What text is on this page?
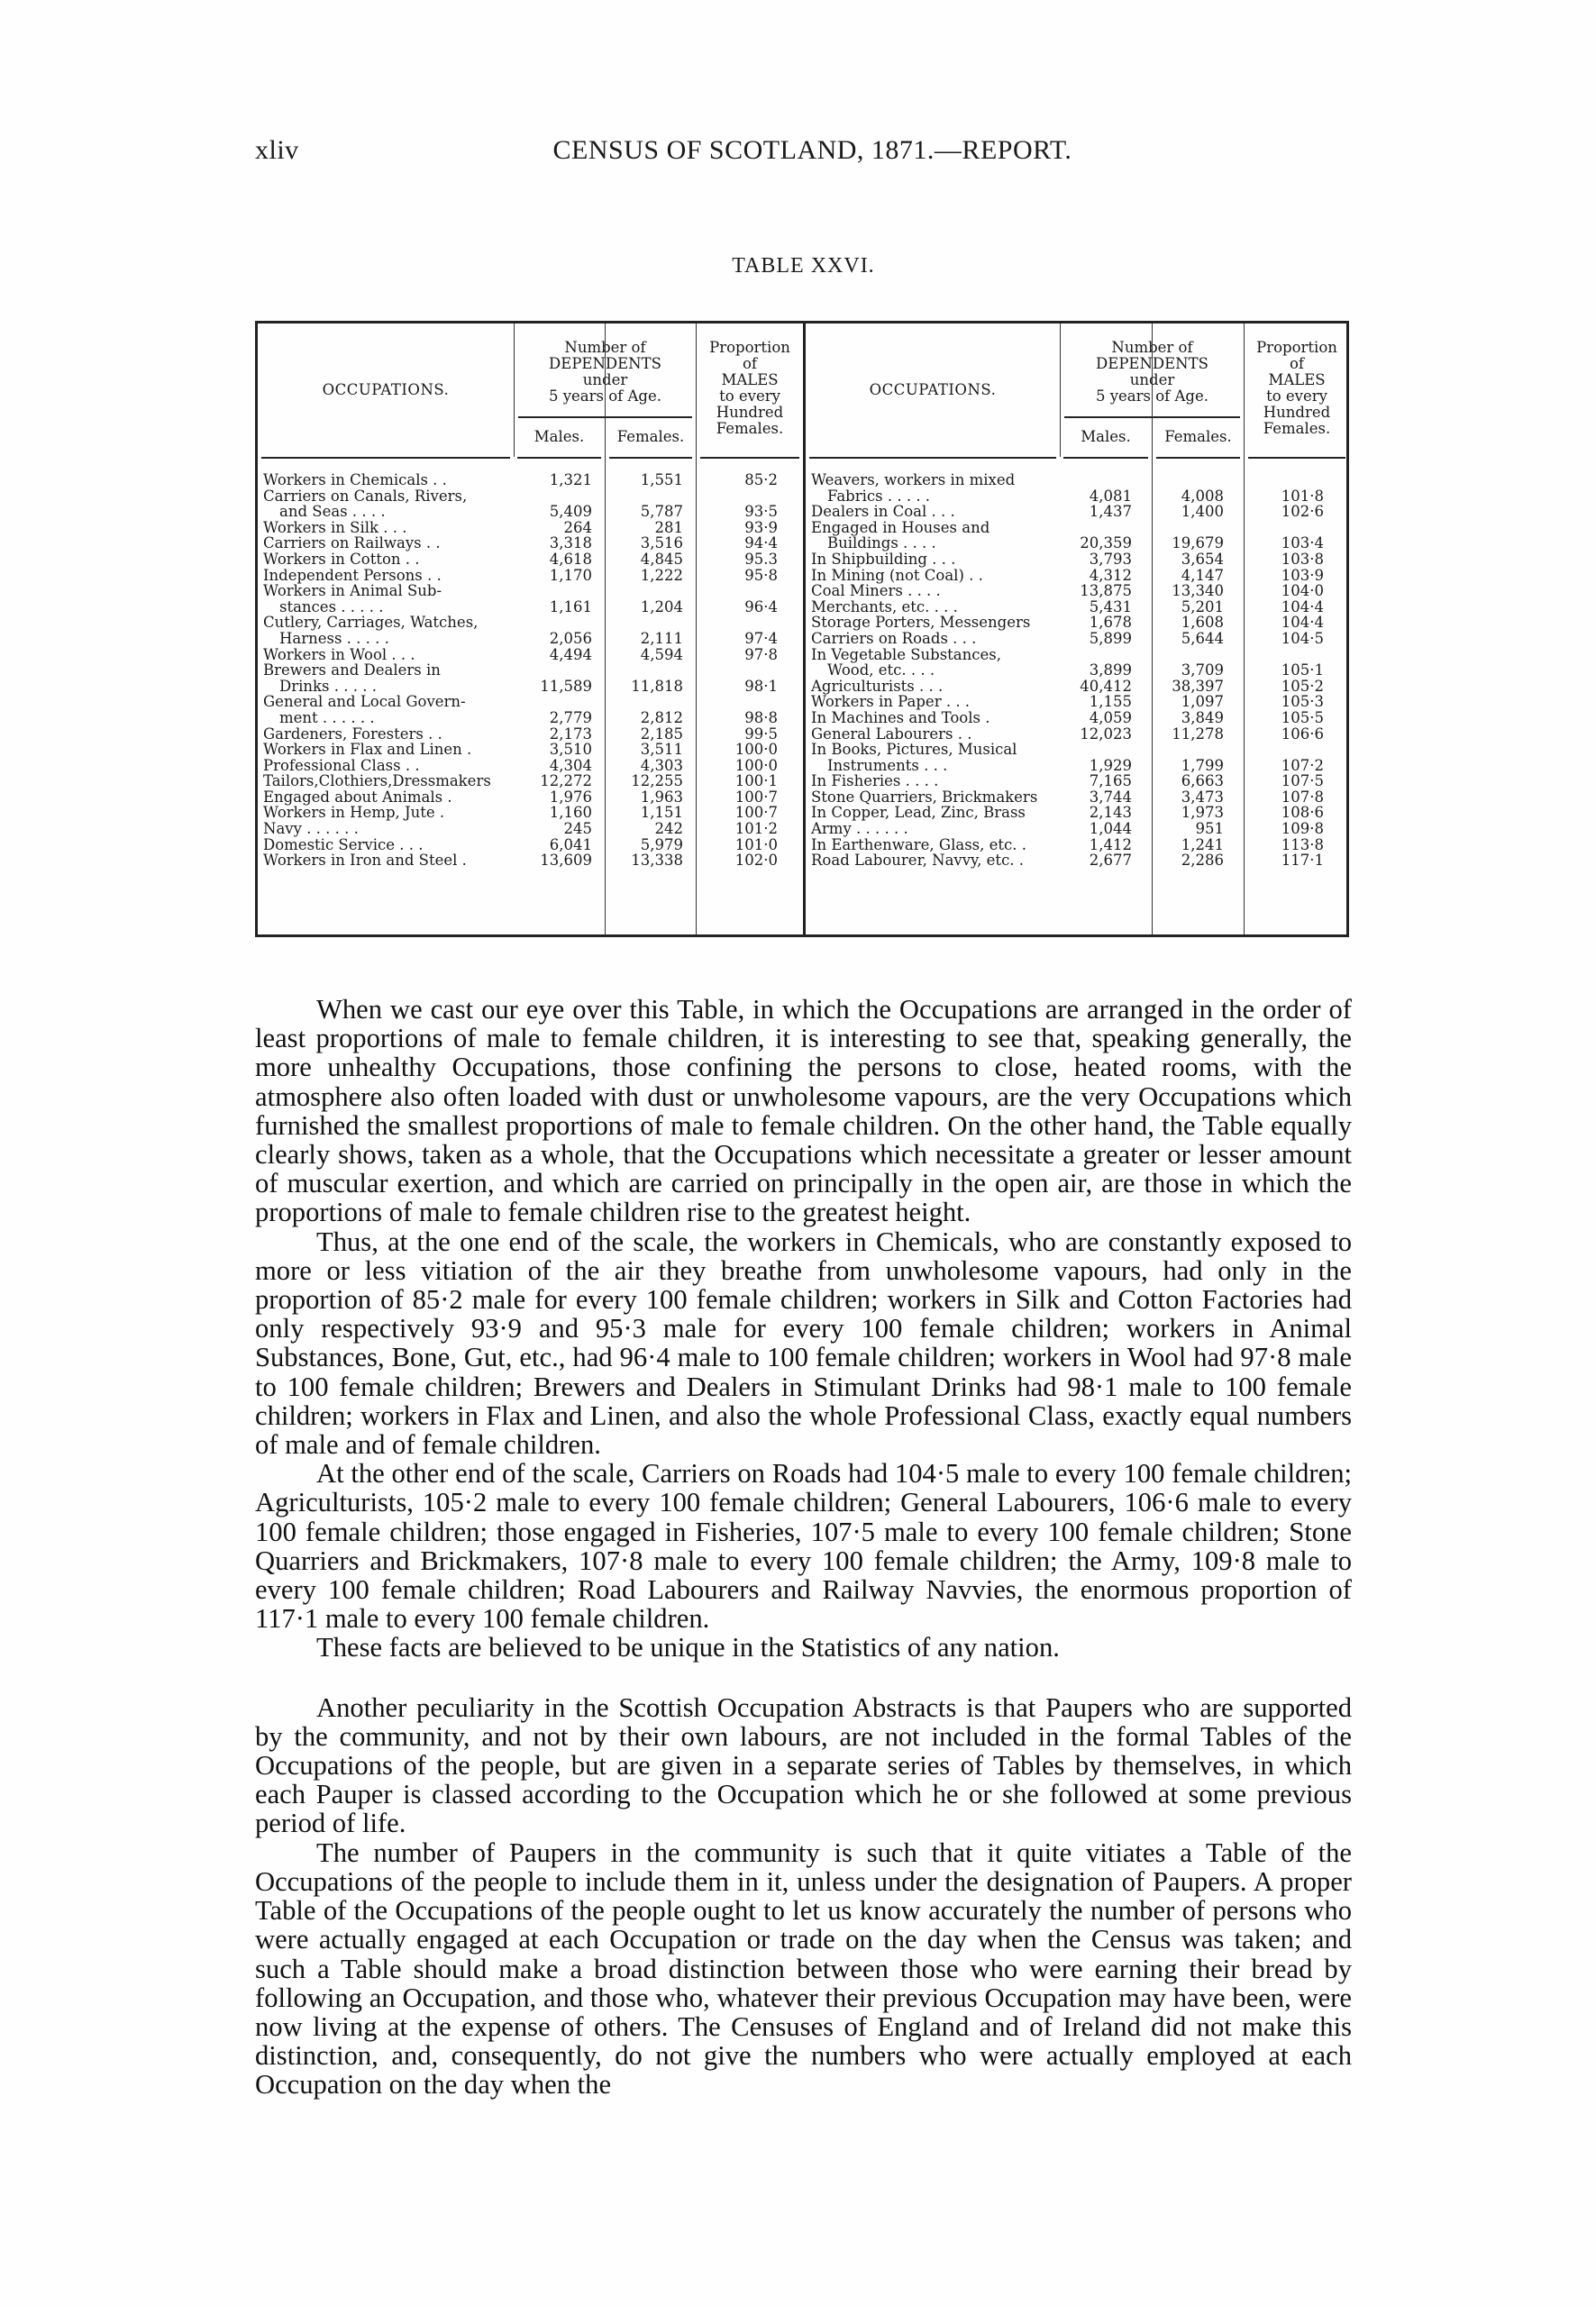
xliv	CENSUS OF SCOTLAND, 1871.—REPORT.
TABLE XXVI.
OCCUPATIONS.
Workers in Chemicals . .
Carriers on Canals, Rivers,
and Seas . . . .
Workers in Silk . . .
Carriers on Railways . .
Workers in Cotton . .
Independent Persons . .
Workers in Animal Sub-
stances . . . . .
Cutlery, Carriages, Watches,
Harness . . . . .
Workers in Wool . . .
Brewers and Dealers in
Drinks . . . . .
General and Local Govern-
ment . . . . . .
Gardeners, Foresters . .
Workers in Flax and Linen .
Professional Class . .
Tailors,Clothiers,Dressmakers
Engaged about Animals .
Workers in Hemp, Jute .
Navy . . . . . .
Domestic Service . . .
Workers in Iron and Steel .
Number of
DEPENDENTS
under
5 years of Age.
Males.
1,321

5,409
264
3,318
4,618
1,170

1,161

2,056
4,494

11,589

2,779
2,173
3,510
4,304
12,272
1,976
1,160
245
6,041
13,609
Females.
1,551

5,787
281
3,516
4,845
1,222

1,204

2,111
4,594

11,818

2,812
2,185
3,511
4,303
12,255
1,963
1,151
242
5,979
13,338
Proportion
of
MALES
to every
Hundred
Females.
85·2

93·5
93·9
94·4
95.3
95·8

96·4

97·4
97·8

98·1

98·8
99·5
100·0
100·0
100·1
100·7
100·7
101·2
101·0
102·0
OCCUPATIONS.
Weavers, workers in mixed
Fabrics . . . . .
Dealers in Coal . . .
Engaged in Houses and
Buildings . . . .
In Shipbuilding . . .
In Mining (not Coal) . .
Coal Miners . . . .
Merchants, etc. . . .
Storage Porters, Messengers
Carriers on Roads . . .
In Vegetable Substances,
Wood, etc. . . .
Agriculturists . . .
Workers in Paper . . .
In Machines and Tools .
General Labourers . .
In Books, Pictures, Musical
Instruments . . .
In Fisheries . . . .
Stone Quarriers, Brickmakers
In Copper, Lead, Zinc, Brass
Army . . . . . .
In Earthenware, Glass, etc. .
Road Labourer, Navvy, etc. .
Number of
DEPENDENTS
under
5 years of Age.
Males.

4,081
1,437

20,359
3,793
4,312
13,875
5,431
1,678
5,899

3,899
40,412
1,155
4,059
12,023

1,929
7,165
3,744
2,143
1,044
1,412
2,677
Females.

4,008
1,400

19,679
3,654
4,147
13,340
5,201
1,608
5,644

3,709
38,397
1,097
3,849
11,278

1,799
6,663
3,473
1,973
951
1,241
2,286
Proportion
of
MALES
to every
Hundred
Females.

101·8
102·6

103·4
103·8
103·9
104·0
104·4
104·4
104·5

105·1
105·2
105·3
105·5
106·6

107·2
107·5
107·8
108·6
109·8
113·8
117·1

When we cast our eye over this Table, in which the Occupations are arranged in the order of least proportions of male to female children, it is interesting to see that, speaking generally, the more unhealthy Occupations, those confining the persons to close, heated rooms, with the atmosphere also often loaded with dust or unwholesome vapours, are the very Occupations which furnished the smallest proportions of male to female children. On the other hand, the Table equally clearly shows, taken as a whole, that the Occupations which necessitate a greater or lesser amount of muscular exertion, and which are carried on principally in the open air, are those in which the proportions of male to female children rise to the greatest height.

Thus, at the one end of the scale, the workers in Chemicals, who are constantly exposed to more or less vitiation of the air they breathe from unwholesome vapours, had only in the proportion of 85·2 male for every 100 female children; workers in Silk and Cotton Factories had only respectively 93·9 and 95·3 male for every 100 female children; workers in Animal Substances, Bone, Gut, etc., had 96·4 male to 100 female children; workers in Wool had 97·8 male to 100 female children; Brewers and Dealers in Stimulant Drinks had 98·1 male to 100 female children; workers in Flax and Linen, and also the whole Professional Class, exactly equal numbers of male and of female children.

At the other end of the scale, Carriers on Roads had 104·5 male to every 100 female children; Agriculturists, 105·2 male to every 100 female children; General Labourers, 106·6 male to every 100 female children; those engaged in Fisheries, 107·5 male to every 100 female children; Stone Quarriers and Brickmakers, 107·8 male to every 100 female children; the Army, 109·8 male to every 100 female children; Road Labourers and Railway Navvies, the enormous proportion of 117·1 male to every 100 female children.

These facts are believed to be unique in the Statistics of any nation.

Another peculiarity in the Scottish Occupation Abstracts is that Paupers who are supported by the community, and not by their own labours, are not included in the formal Tables of the Occupations of the people, but are given in a separate series of Tables by themselves, in which each Pauper is classed according to the Occupation which he or she followed at some previous period of life.

The number of Paupers in the community is such that it quite vitiates a Table of the Occupations of the people to include them in it, unless under the designation of Paupers. A proper Table of the Occupations of the people ought to let us know accurately the number of persons who were actually engaged at each Occupation or trade on the day when the Census was taken; and such a Table should make a broad distinction between those who were earning their bread by following an Occupation, and those who, whatever their previous Occupation may have been, were now living at the expense of others. The Censuses of England and of Ireland did not make this distinction, and, consequently, do not give the numbers who were actually employed at each Occupation on the day when the
